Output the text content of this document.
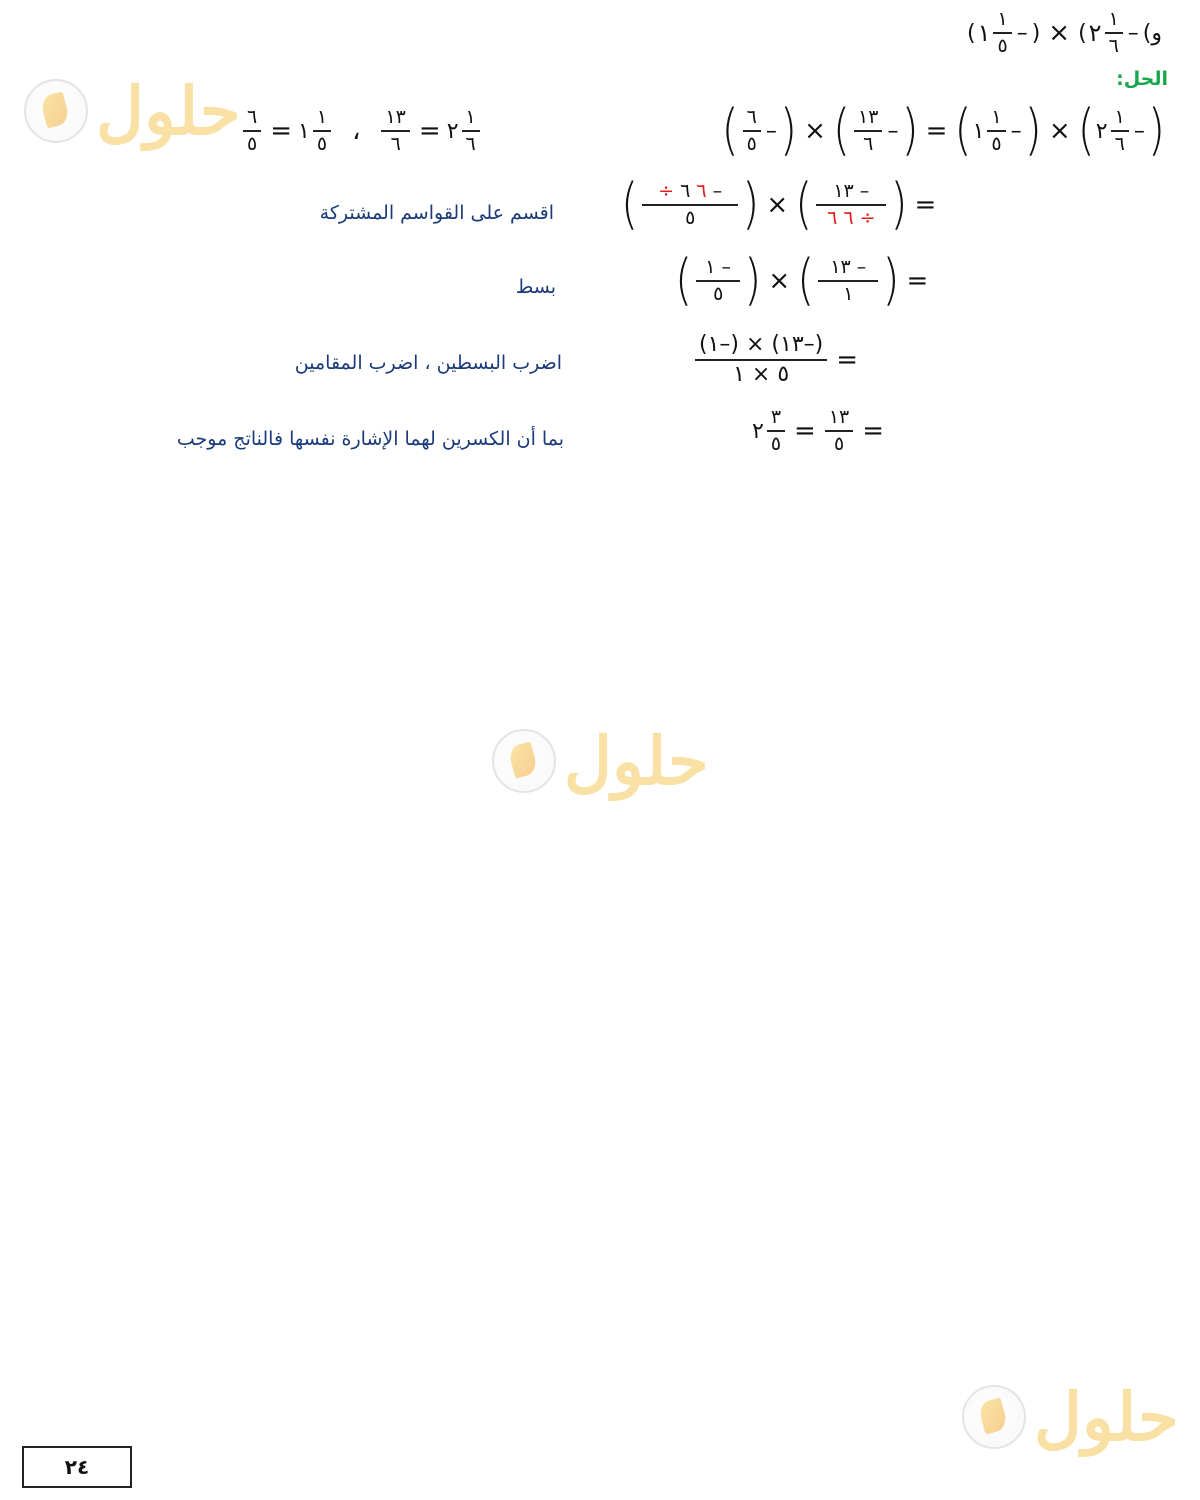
حلول
حلول
حلول
( ١ $\frac{١}{٥}$ – ) × ( ٢ $\frac{١}{٦}$ – و)
الحل:
( $\frac{٦}{٥}$ – ) × ( $\frac{١٣}{٦}$ – ) = ( ١ $\frac{١}{٥}$ – ) × ( ٢ $\frac{١}{٦}$ – )
$\frac{٦}{٥}$ = ١ $\frac{١}{٥}$ ، $\frac{١٣}{٦}$ = ٢ $\frac{١}{٦}$
( $\frac{\div ٦ ٦ -}{٥}$ ) × ( $\frac{١٣ -}{٦ ٦ \div}$ ) =
اقسم على القواسم المشتركة
( $\frac{١ -}{٥}$ ) × ( $\frac{١٣ -}{١}$ ) =
بسط
$\frac{(١-) \times (١٣-)}{٥ \times ١}$ =
اضرب البسطين ، اضرب المقامين
٢ $\frac{٣}{٥} = \frac{١٣}{٥}$ =
بما أن الكسرين لهما الإشارة نفسها فالناتج موجب
٢٤
